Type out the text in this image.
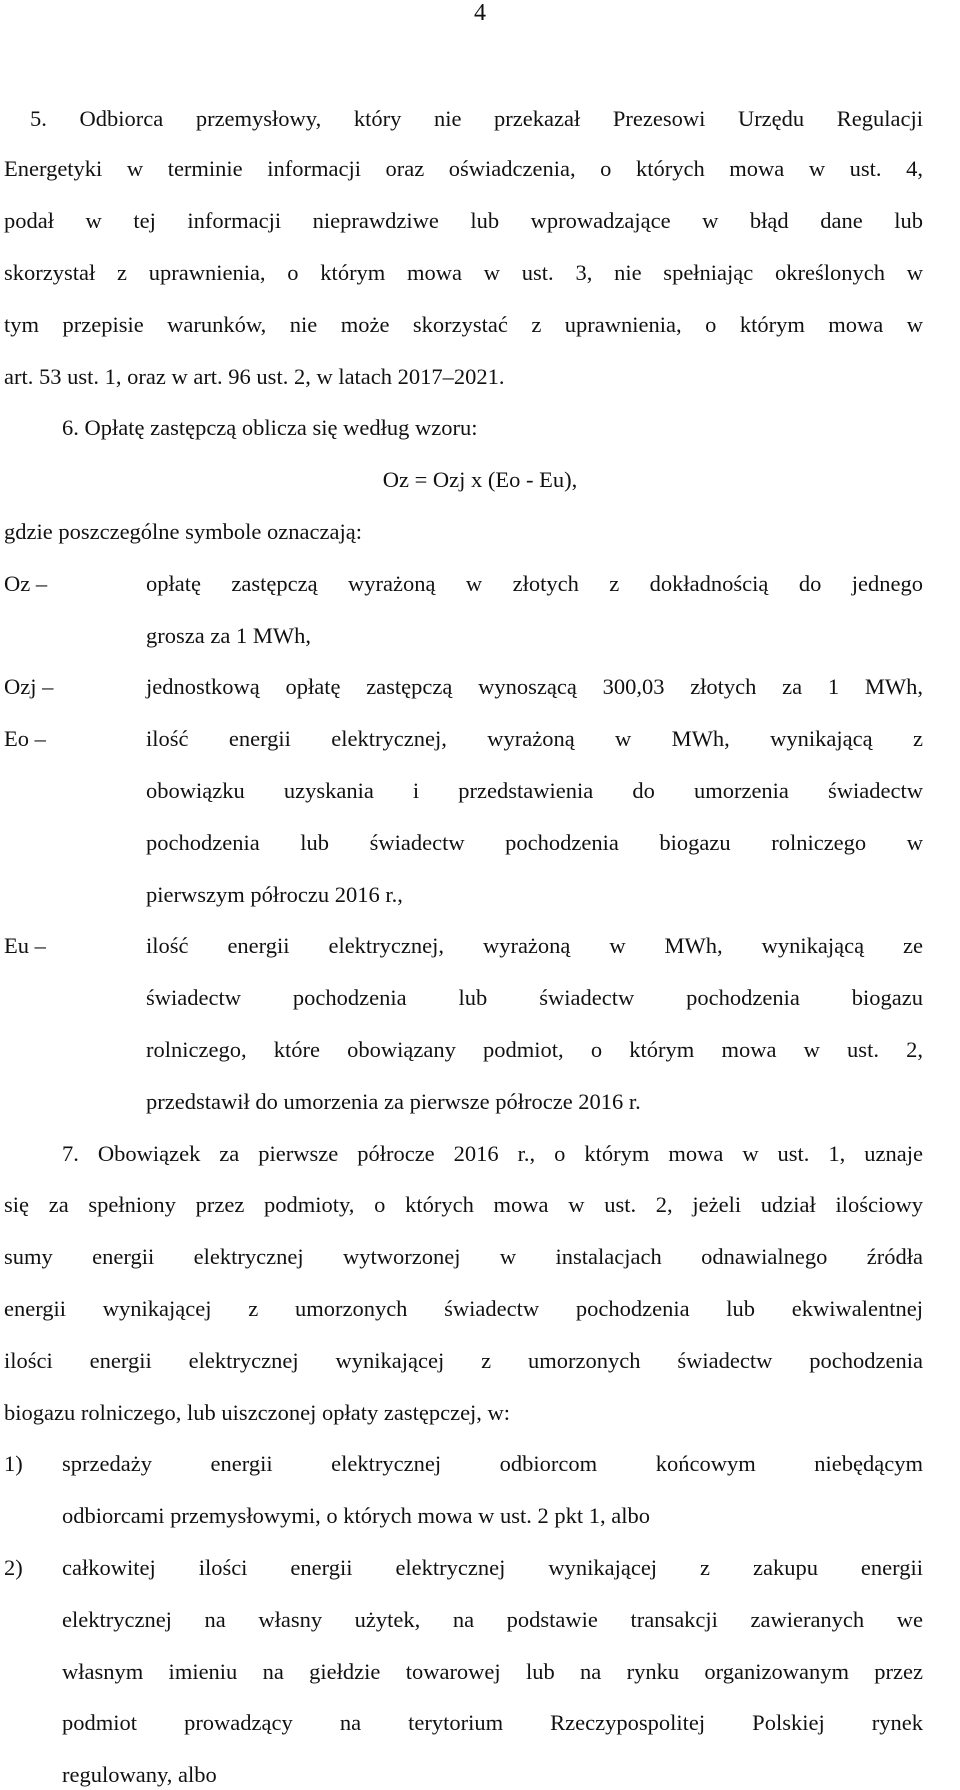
4
5. Odbiorca przemysłowy, który nie przekazał Prezesowi Urzędu Regulacji
Energetyki w terminie informacji oraz oświadczenia, o których mowa w ust. 4,
podał w tej informacji nieprawdziwe lub wprowadzające w błąd dane lub
skorzystał z uprawnienia, o którym mowa w ust. 3, nie spełniając określonych w
tym przepisie warunków, nie może skorzystać z uprawnienia, o którym mowa w
art. 53 ust. 1, oraz w art. 96 ust. 2, w latach 2017–2021.
6. Opłatę zastępczą oblicza się według wzoru:
Oz = Ozj x (Eo - Eu),
gdzie poszczególne symbole oznaczają:
Oz –	opłatę zastępczą wyrażoną w złotych z dokładnością do jednego
grosza za 1 MWh,
Ozj –	jednostkową opłatę zastępczą wynoszącą 300,03 złotych za 1 MWh,
Eo –	ilość energii elektrycznej, wyrażoną w MWh, wynikającą z
obowiązku uzyskania i przedstawienia do umorzenia świadectw
pochodzenia lub świadectw pochodzenia biogazu rolniczego w
pierwszym półroczu 2016 r.,
Eu –	ilość energii elektrycznej, wyrażoną w MWh, wynikającą ze
świadectw pochodzenia lub świadectw pochodzenia biogazu
rolniczego, które obowiązany podmiot, o którym mowa w ust. 2,
przedstawił do umorzenia za pierwsze półrocze 2016 r.
7. Obowiązek za pierwsze półrocze 2016 r., o którym mowa w ust. 1, uznaje
się za spełniony przez podmioty, o których mowa w ust. 2, jeżeli udział ilościowy
sumy energii elektrycznej wytworzonej w instalacjach odnawialnego źródła
energii wynikającej z umorzonych świadectw pochodzenia lub ekwiwalentnej
ilości energii elektrycznej wynikającej z umorzonych świadectw pochodzenia
biogazu rolniczego, lub uiszczonej opłaty zastępczej, w:
1) sprzedaży energii elektrycznej odbiorcom końcowym niebędącym
odbiorcami przemysłowymi, o których mowa w ust. 2 pkt 1, albo
2) całkowitej ilości energii elektrycznej wynikającej z zakupu energii
elektrycznej na własny użytek, na podstawie transakcji zawieranych we
własnym imieniu na giełdzie towarowej lub na rynku organizowanym przez
podmiot prowadzący na terytorium Rzeczypospolitej Polskiej rynek
regulowany, albo
